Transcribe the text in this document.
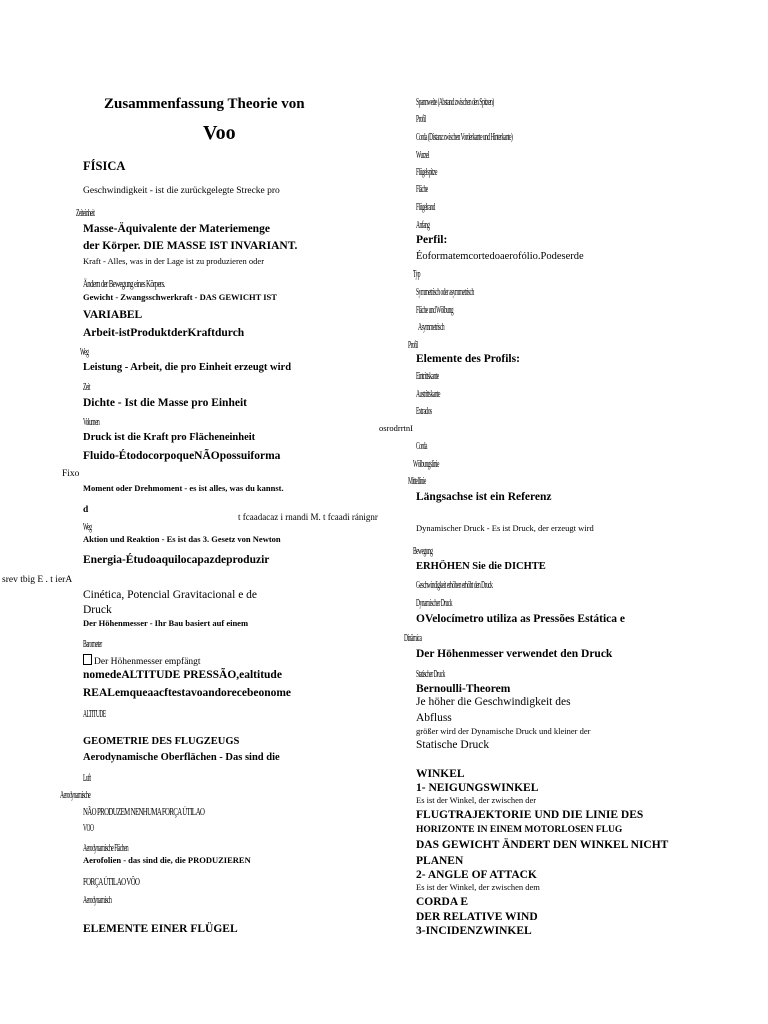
Zusammenfassung Theorie von
Voo
FÍSICA
Geschwindigkeit - ist die zurückgelegte Strecke pro
Zeiteinheit
Masse-Äquivalente der Materiemenge
der Körper. DIE MASSE IST INVARIANT.
Kraft - Alles, was in der Lage ist zu produzieren oder
Ändern der Bewegung eines Körpers.
Gewicht - Zwangsschwerkraft - DAS GEWICHT IST
VARIABEL
Arbeit-istProduktderKraftdurch
Weg
Leistung - Arbeit, die pro Einheit erzeugt wird
Zeit
Dichte - Ist die Masse pro Einheit
Volumen
Druck ist die Kraft pro Flächeneinheit
Fluido-ÉtodocorpoqueNÃOpossuiforma
Fixo
Moment oder Drehmoment - es ist alles, was du kannst.
d
Weg
t fcaadacaz i rnandi M. t fcaadi ránignr
Aktion und Reaktion - Es ist das 3. Gesetz von Newton
Energia-Étudoaquilocapazdeproduzir
srev tbig E . t ierA
Cinética, Potencial Gravitacional e de
Druck
Der Höhenmesser - Ihr Bau basiert auf einem
Barometer
Der Höhenmesser empfängt
nomedeALTITUDE PRESSÃO,ealtitude
REALemqueaacftestavoandorecebeonome
ALTITUDE
GEOMETRIE DES FLUGZEUGS
Aerodynamische Oberflächen - Das sind die
Luft
Aerodynamische
NÃO PRODUZEM NENHUMA FORÇA ÚTIL AO
VOO
Aerodynamische Flächen
Aerofolien - das sind die, die PRODUZIEREN
FORÇA ÚTIL AO VÔO
Aerodynamisch
ELEMENTE EINER FLÜGEL
Spannweite (Abstand zwischen den Spitzen)
Profil
Corda (Distanz zwischen Vorderkante und Hinterkante)
Wurzel
Flügelspitze
Fläche
Flügelrand
Anfang
Perfil:
Éoformatemcortedoaerofólio.Podeserde
Typ
Symmetrisch oder asymmetrisch
Fläche und Wölbung
Asymmetrisch
Profil
Elemente des Profils:
Eintrittskante
Austrittskante
Extrados
osrodrrtnI
Corda
Wölbungslinie
Mittellinie
Längsachse ist ein Referenz
Dynamischer Druck - Es ist Druck, der erzeugt wird
Bewegung
ERHÖHEN Sie die DICHTE
Geschwindigkeit erhöhen erhöht den Druck
Dynamischer Druck
OVelocímetro utiliza as Pressões Estática e
Dinâmica
Der Höhenmesser verwendet den Druck
Statischer Druck
Bernoulli-Theorem
Je höher die Geschwindigkeit des
Abfluss
größer wird der Dynamische Druck und kleiner der
Statische Druck
WINKEL
1- NEIGUNGSWINKEL
Es ist der Winkel, der zwischen der
FLUGTRAJEKTORIE UND DIE LINIE DES
HORIZONTE IN EINEM MOTORLOSEN FLUG
DAS GEWICHT ÄNDERT DEN WINKEL NICHT
PLANEN
2- ANGLE OF ATTACK
Es ist der Winkel, der zwischen dem
CORDA E
DER RELATIVE WIND
3-INCIDENZWINKEL
